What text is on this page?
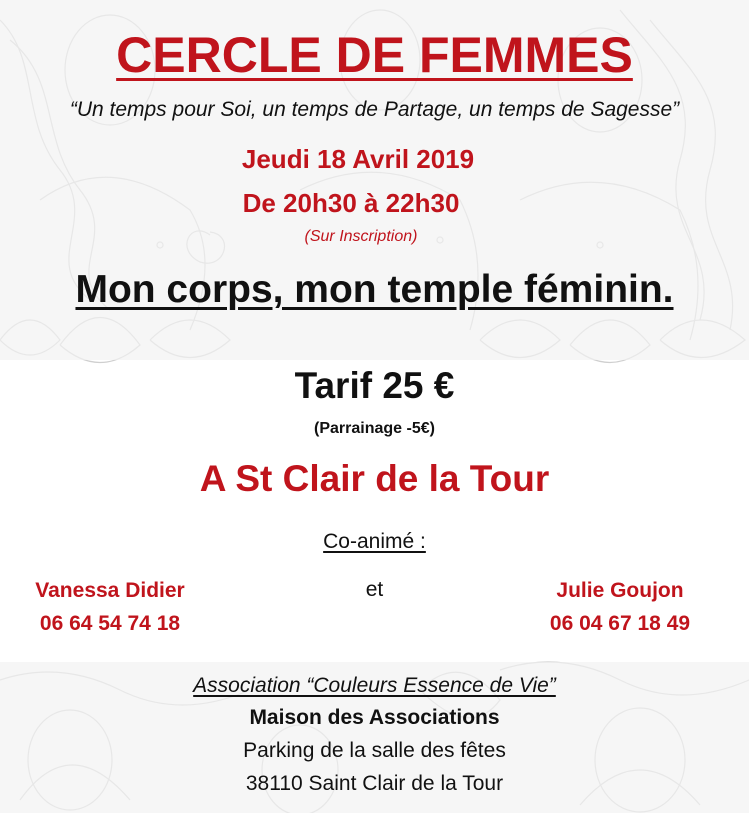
CERCLE DE FEMMES
“Un temps pour Soi, un temps de Partage, un temps de Sagesse”
Jeudi 18 Avril 2019
De 20h30 à 22h30
(Sur Inscription)
Mon corps, mon temple féminin.
Tarif 25 €
(Parrainage -5€)
A St Clair de la Tour
Co-animé :
Vanessa Didier
06 64 54 74 18
et	Julie Goujon
06 04 67 18 49
Association “Couleurs Essence de Vie”
Maison des Associations
Parking de la salle des fêtes
38110 Saint Clair de la Tour
